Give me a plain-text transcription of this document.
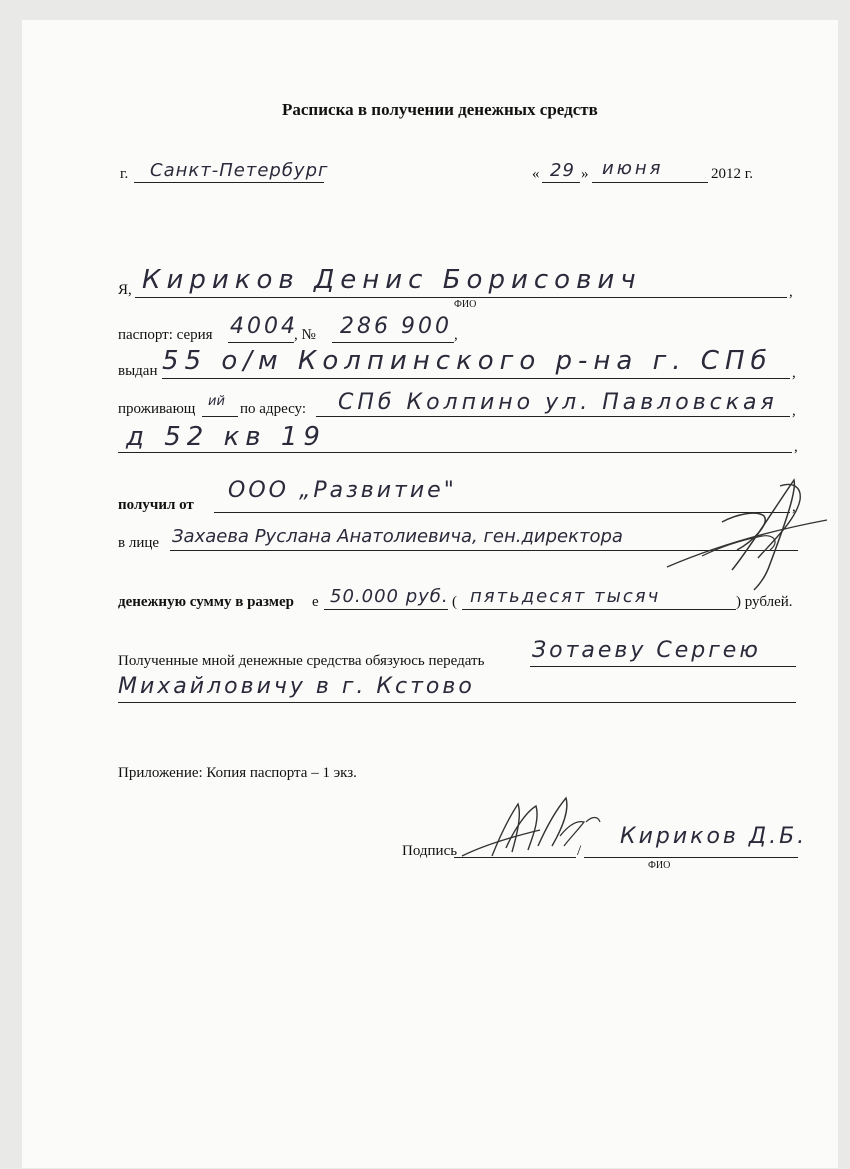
Расписка в получении денежных средств
г. Санкт-Петербург	« 29 » июня	2012 г.
Я, Кириков Денис Борисович	,
ФИО
паспорт: серия 4004
, № 286 900 ,
выдан 55 о/м Колпинского р-на г. СПб ,
проживающ ий по адресу: СПб Колпино ул. Павловская ,
д 52 кв 19	,
получил от
ООО „Развитие"
,
в лице Захаева Руслана Анатолиевича, ген.директора
денежную сумму в размер е 50.000 руб. ( пятьдесят тысяч	) рублей.
Полученные мной денежные средства обязуюсь передать Зотаеву Сергею
Михайловичу в г. Кстово
Приложение: Копия паспорта – 1 экз.
Подпись	/
Кириков Д.Б.
ФИО
